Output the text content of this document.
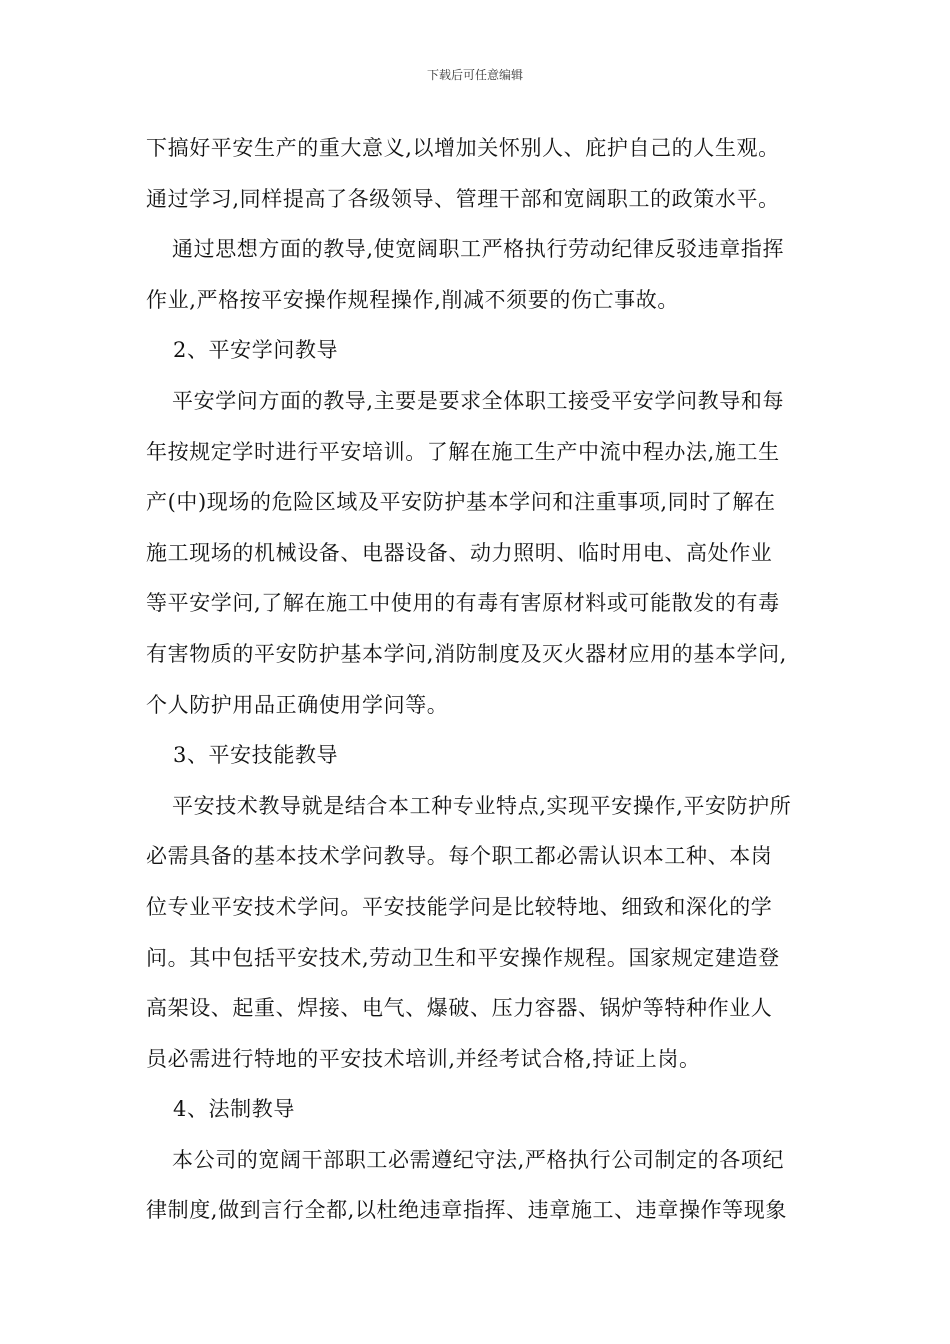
下载后可任意编辑
下搞好平安生产的重大意义,以增加关怀别人、庇护自己的人生观。
通过学习,同样提高了各级领导、管理干部和宽阔职工的政策水平。
通过思想方面的教导,使宽阔职工严格执行劳动纪律反驳违章指挥
作业,严格按平安操作规程操作,削减不须要的伤亡事故。
2、平安学问教导
平安学问方面的教导,主要是要求全体职工接受平安学问教导和每
年按规定学时进行平安培训。了解在施工生产中流中程办法,施工生
产(中)现场的危险区域及平安防护基本学问和注重事项,同时了解在
施工现场的机械设备、电器设备、动力照明、临时用电、高处作业
等平安学问,了解在施工中使用的有毒有害原材料或可能散发的有毒
有害物质的平安防护基本学问,消防制度及灭火器材应用的基本学问,
个人防护用品正确使用学问等。
3、平安技能教导
平安技术教导就是结合本工种专业特点,实现平安操作,平安防护所
必需具备的基本技术学问教导。每个职工都必需认识本工种、本岗
位专业平安技术学问。平安技能学问是比较特地、细致和深化的学
问。其中包括平安技术,劳动卫生和平安操作规程。国家规定建造登
高架设、起重、焊接、电气、爆破、压力容器、锅炉等特种作业人
员必需进行特地的平安技术培训,并经考试合格,持证上岗。
4、法制教导
本公司的宽阔干部职工必需遵纪守法,严格执行公司制定的各项纪
律制度,做到言行全都,以杜绝违章指挥、违章施工、违章操作等现象
